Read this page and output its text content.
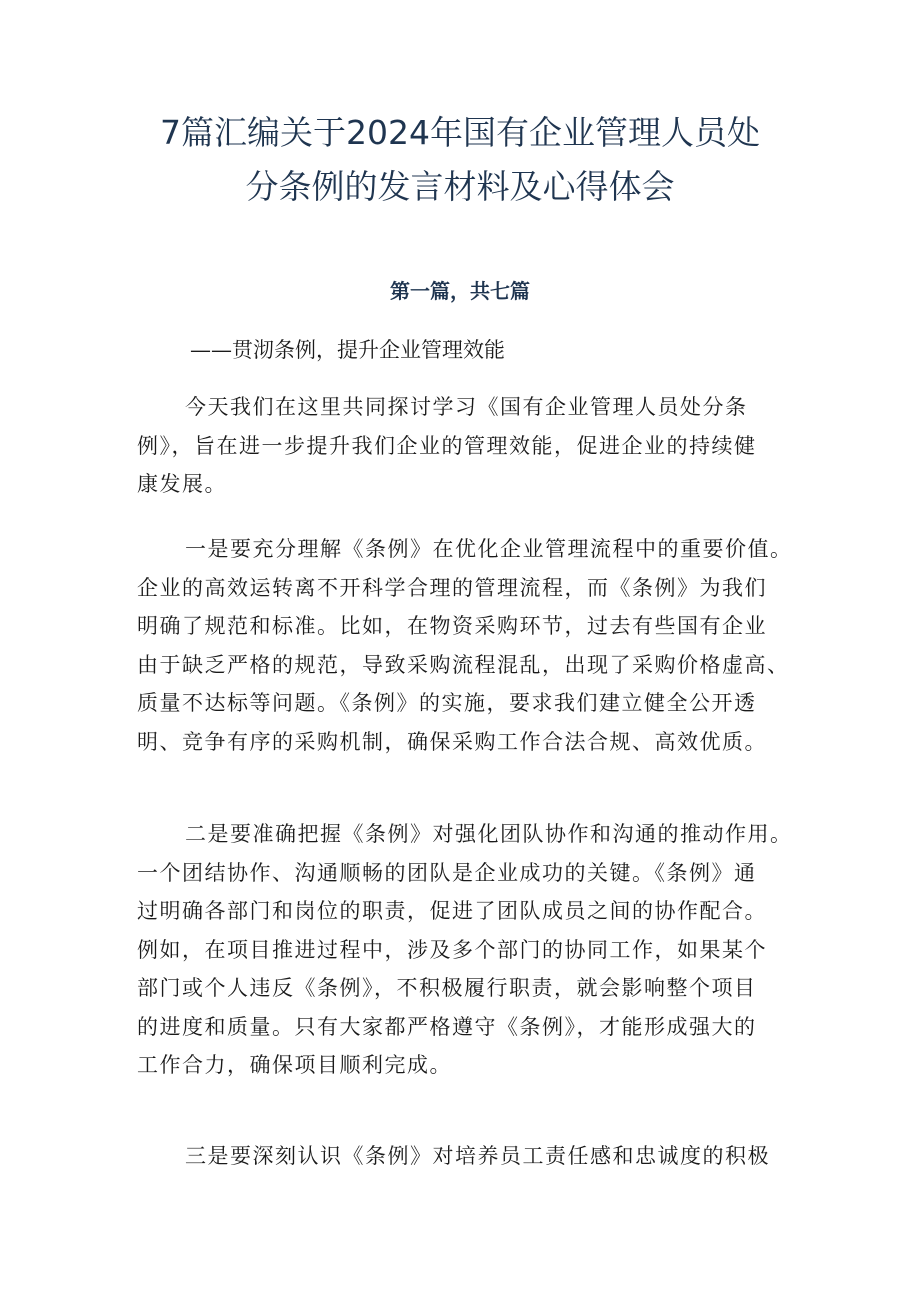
7篇汇编关于2024年国有企业管理人员处
分条例的发言材料及心得体会
第一篇，共七篇
——贯沏条例，提升企业管理效能
今天我们在这里共同探讨学习《国有企业管理人员处分条
例》，旨在进一步提升我们企业的管理效能，促进企业的持续健
康发展。
一是要充分理解《条例》在优化企业管理流程中的重要价值。
企业的高效运转离不开科学合理的管理流程，而《条例》为我们
明确了规范和标准。比如，在物资采购环节，过去有些国有企业
由于缺乏严格的规范，导致采购流程混乱，出现了采购价格虚高、
质量不达标等问题。《条例》的实施，要求我们建立健全公开透
明、竞争有序的采购机制，确保采购工作合法合规、高效优质。
二是要准确把握《条例》对强化团队协作和沟通的推动作用。
一个团结协作、沟通顺畅的团队是企业成功的关键。《条例》通
过明确各部门和岗位的职责，促进了团队成员之间的协作配合。
例如，在项目推进过程中，涉及多个部门的协同工作，如果某个
部门或个人违反《条例》，不积极履行职责，就会影响整个项目
的进度和质量。只有大家都严格遵守《条例》，才能形成强大的
工作合力，确保项目顺利完成。
三是要深刻认识《条例》对培养员工责任感和忠诚度的积极
